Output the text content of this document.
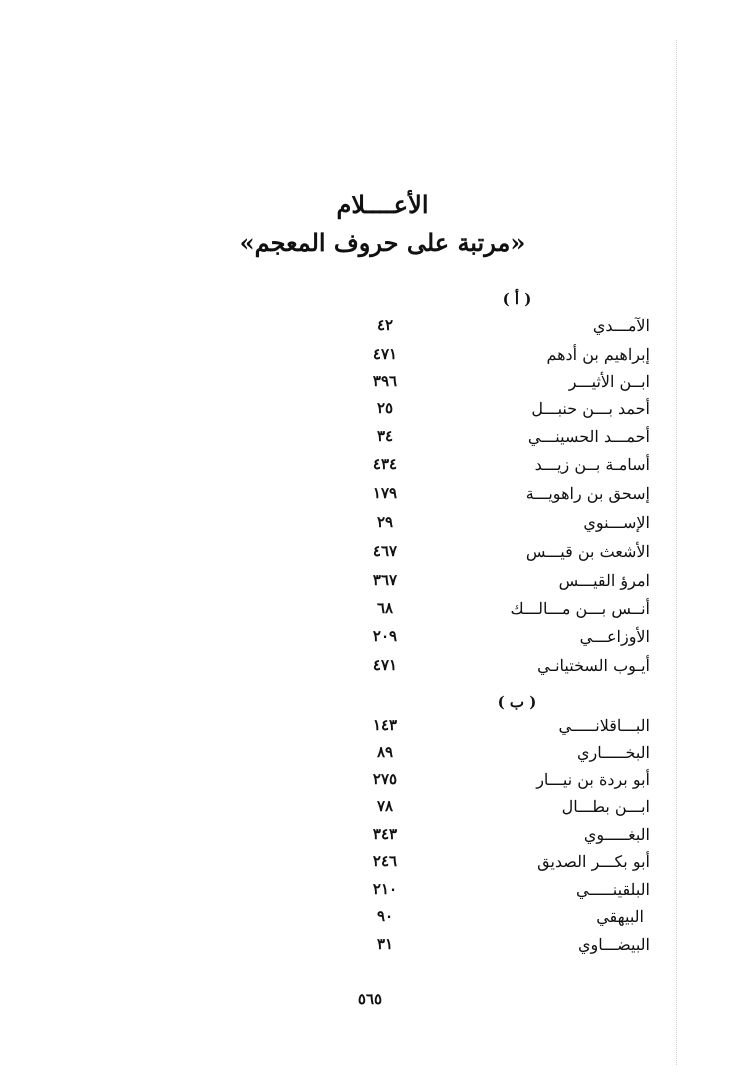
الأعــــلام
«مرتبة على حروف المعجم»
( أ )
الآمـــدي
٤٢
إبراهيم بن أدهم
٤٧١
ابــن الأثيـــر
٣٩٦
أحمد بـــن حنبـــل
٢٥
أحمـــد الحسينـــي
٣٤
أسامـة بــن زيـــد
٤٣٤
إسحق بن راهويـــة
١٧٩
الإســـنوي
٢٩
الأشعث بن قيـــس
٤٦٧
امرؤ القيـــس
٣٦٧
أنــس بـــن مـــالـــك
٦٨
الأوزاعـــي
٢٠٩
أيـوب السختيانـي
٤٧١
( ب )
البـــاقلانـــــي
١٤٣
البخـــــاري
٨٩
أبو بردة بن نيـــار
٢٧٥
ابـــن بطـــال
٧٨
البغـــــوي
٣٤٣
أبو بكـــر الصديق
٢٤٦
البلقينـــــي
٢١٠
البيهقي
٩٠
البيضـــاوي
٣١
٥٦٥
